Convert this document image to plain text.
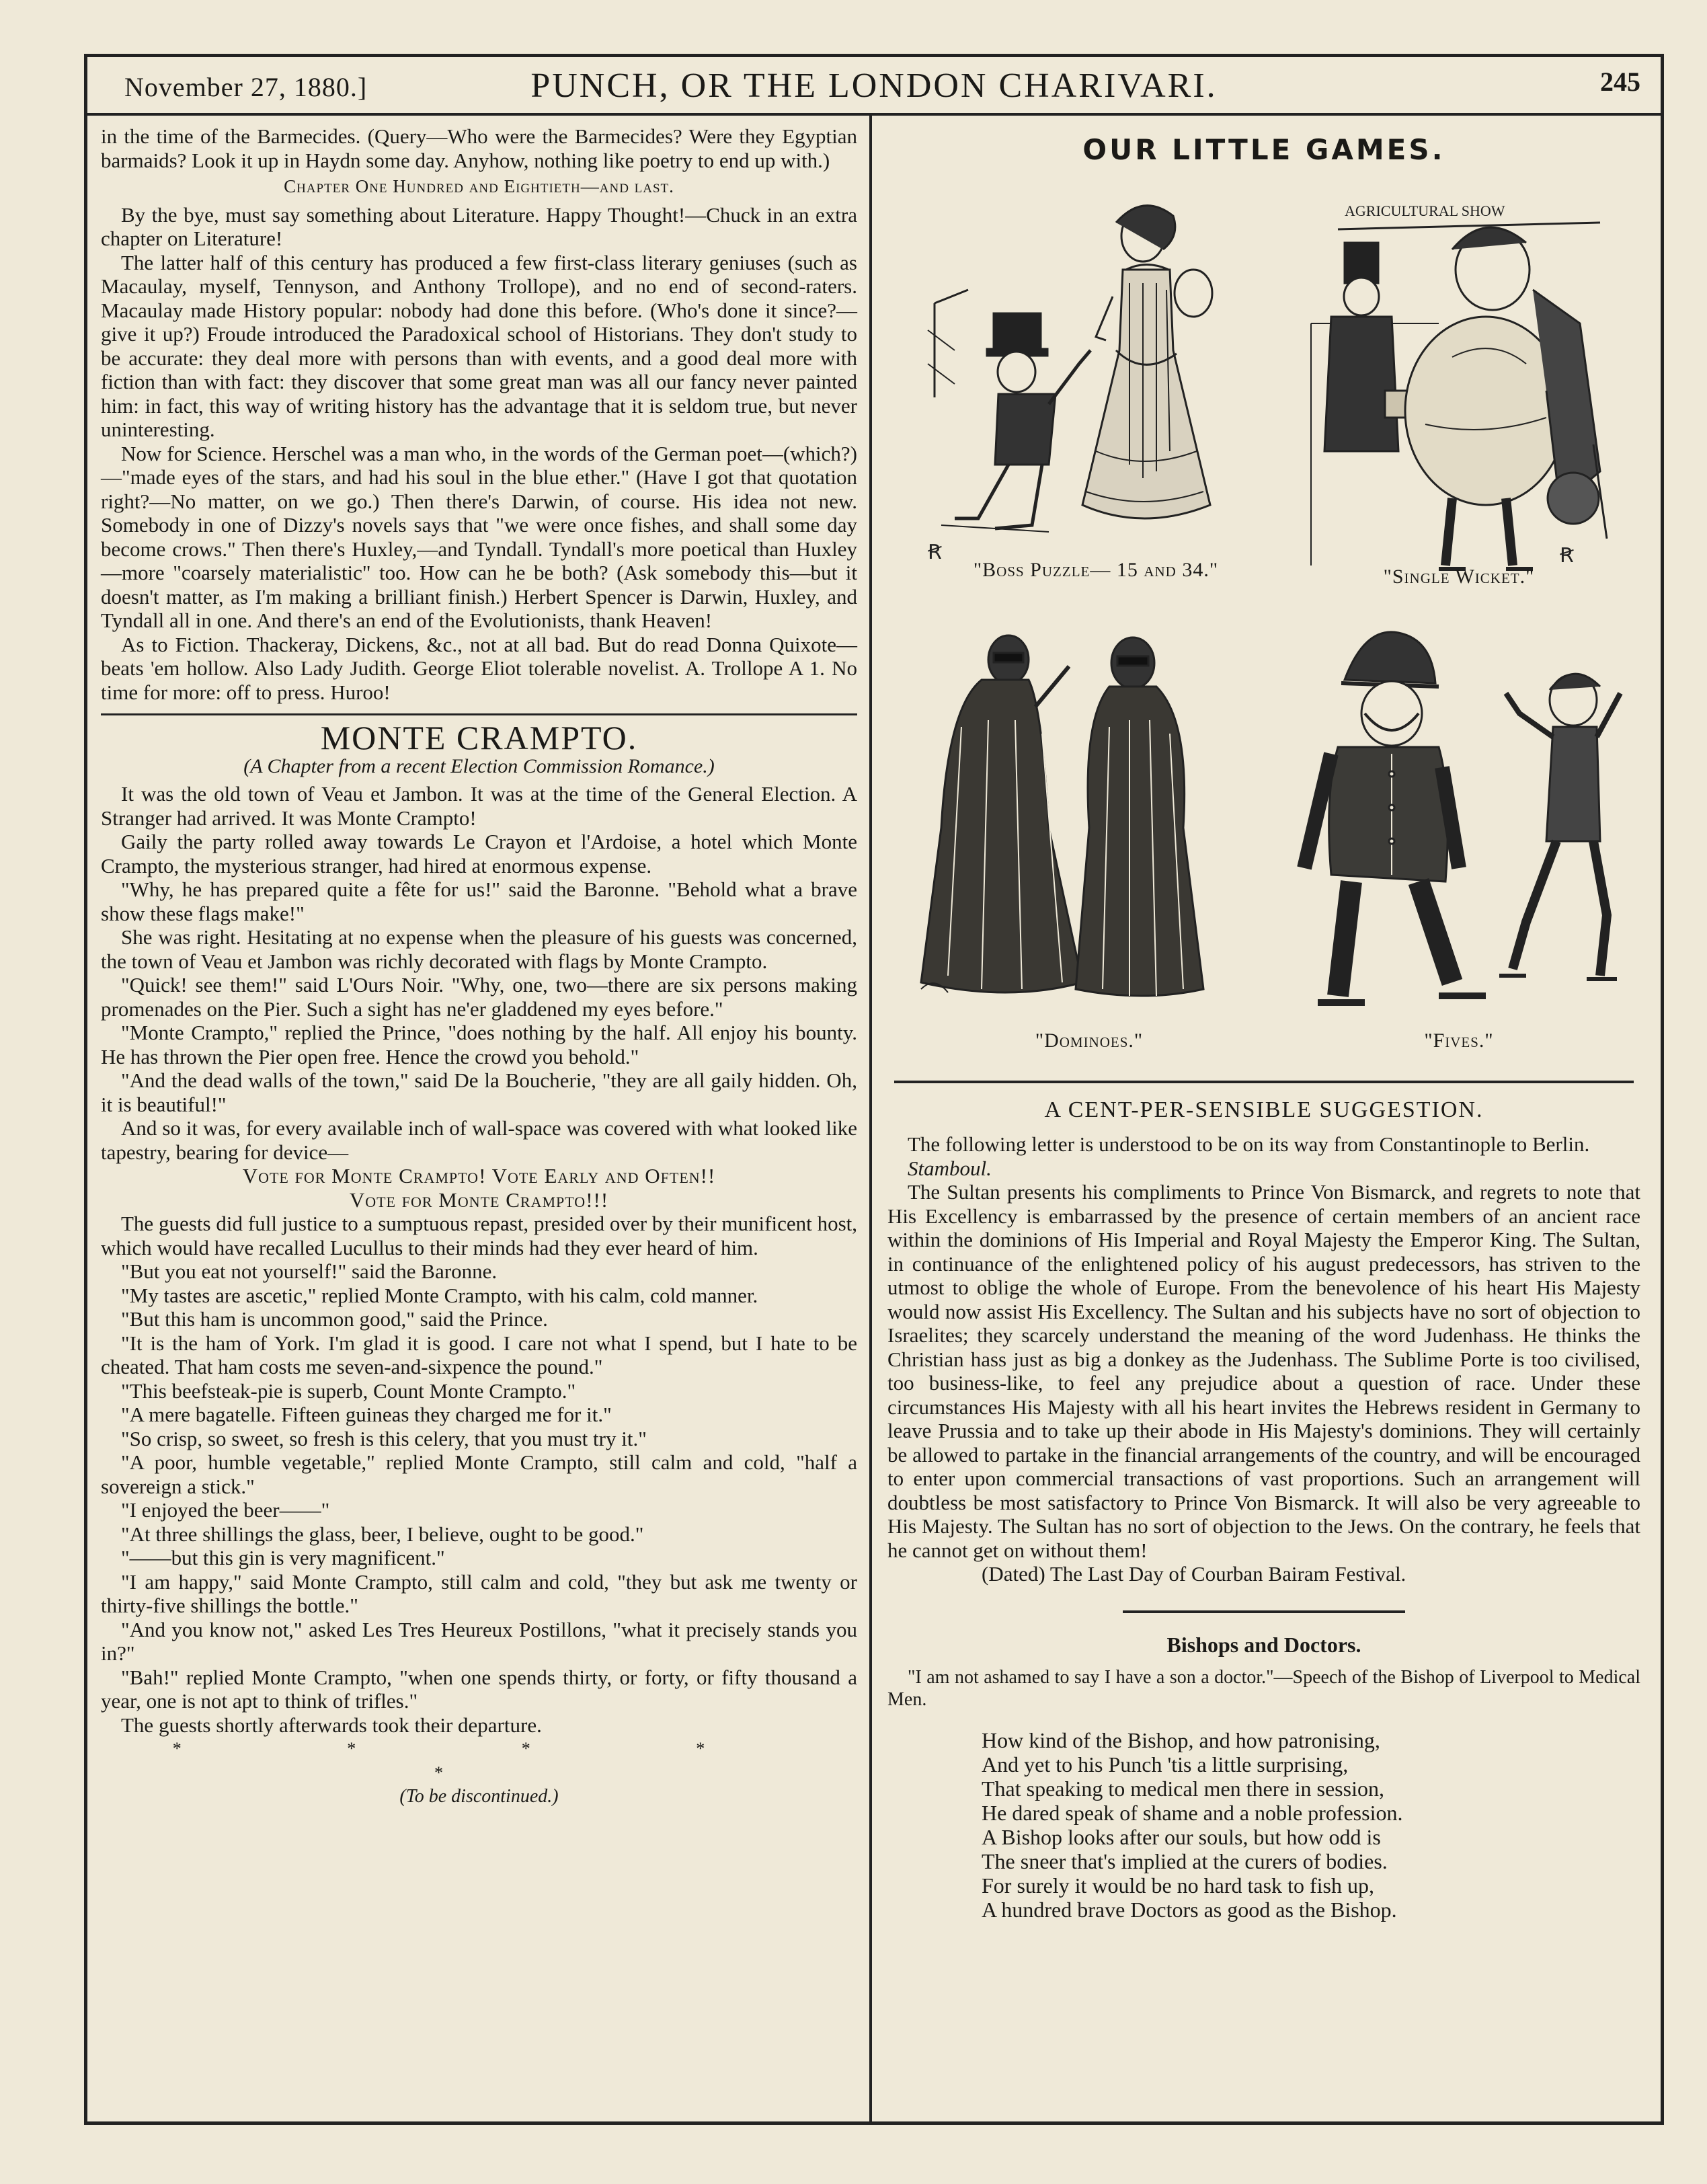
November 27, 1880.]	PUNCH, OR THE LONDON CHARIVARI.	245

in the time of the Barmecides. (Query—Who were the Barmecides? Were they Egyptian barmaids? Look it up in Haydn some day. Anyhow, nothing like poetry to end up with.)

Chapter One Hundred and Eightieth—and last.

By the bye, must say something about Literature. Happy Thought!—Chuck in an extra chapter on Literature!

The latter half of this century has produced a few first-class literary geniuses (such as Macaulay, myself, Tennyson, and Anthony Trollope), and no end of second-raters. Macaulay made History popular: nobody had done this before. (Who's done it since?—give it up?) Froude introduced the Paradoxical school of Historians. They don't study to be accurate: they deal more with persons than with events, and a good deal more with fiction than with fact: they discover that some great man was all our fancy never painted him: in fact, this way of writing history has the advantage that it is seldom true, but never uninteresting.

Now for Science. Herschel was a man who, in the words of the German poet—(which?)—"made eyes of the stars, and had his soul in the blue ether." (Have I got that quotation right?—No matter, on we go.) Then there's Darwin, of course. His idea not new. Somebody in one of Dizzy's novels says that "we were once fishes, and shall some day become crows." Then there's Huxley,—and Tyndall. Tyndall's more poetical than Huxley—more "coarsely materialistic" too. How can he be both? (Ask somebody this—but it doesn't matter, as I'm making a brilliant finish.) Herbert Spencer is Darwin, Huxley, and Tyndall all in one. And there's an end of the Evolutionists, thank Heaven!

As to Fiction. Thackeray, Dickens, &c., not at all bad. But do read Donna Quixote—beats 'em hollow. Also Lady Judith. George Eliot tolerable novelist. A. Trollope A 1. No time for more: off to press. Huroo!

MONTE CRAMPTO.
(A Chapter from a recent Election Commission Romance.)

It was the old town of Veau et Jambon. It was at the time of the General Election. A Stranger had arrived. It was Monte Crampto!

Gaily the party rolled away towards Le Crayon et l'Ardoise, a hotel which Monte Crampto, the mysterious stranger, had hired at enormous expense.

"Why, he has prepared quite a fête for us!" said the Baronne. "Behold what a brave show these flags make!"

She was right. Hesitating at no expense when the pleasure of his guests was concerned, the town of Veau et Jambon was richly decorated with flags by Monte Crampto.

"Quick! see them!" said L'Ours Noir. "Why, one, two—there are six persons making promenades on the Pier. Such a sight has ne'er gladdened my eyes before."

"Monte Crampto," replied the Prince, "does nothing by the half. All enjoy his bounty. He has thrown the Pier open free. Hence the crowd you behold."

"And the dead walls of the town," said De la Boucherie, "they are all gaily hidden. Oh, it is beautiful!"

And so it was, for every available inch of wall-space was covered with what looked like tapestry, bearing for device—

Vote for Monte Crampto! Vote Early and Often!!

Vote for Monte Crampto!!!

The guests did full justice to a sumptuous repast, presided over by their munificent host, which would have recalled Lucullus to their minds had they ever heard of him.

"But you eat not yourself!" said the Baronne.

"My tastes are ascetic," replied Monte Crampto, with his calm, cold manner.

"But this ham is uncommon good," said the Prince.

"It is the ham of York. I'm glad it is good. I care not what I spend, but I hate to be cheated. That ham costs me seven-and-sixpence the pound."

"This beefsteak-pie is superb, Count Monte Crampto."

"A mere bagatelle. Fifteen guineas they charged me for it."

"So crisp, so sweet, so fresh is this celery, that you must try it."

"A poor, humble vegetable," replied Monte Crampto, still calm and cold, "half a sovereign a stick."

"I enjoyed the beer——"

"At three shillings the glass, beer, I believe, ought to be good."

"——but this gin is very magnificent."

"I am happy," said Monte Crampto, still calm and cold, "they but ask me twenty or thirty-five shillings the bottle."

"And you know not," asked Les Tres Heureux Postillons, "what it precisely stands you in?"

"Bah!" replied Monte Crampto, "when one spends thirty, or forty, or fifty thousand a year, one is not apt to think of trifles."

The guests shortly afterwards took their departure.

* * * * *

(To be discontinued.)

OUR LITTLE GAMES.
Ꞧ
"Boss Puzzle— 15 and 34."
AGRICULTURAL SHOW
Ꞧ
"Single Wicket."
"Dominoes."	"Fives."
A CENT-PER-SENSIBLE SUGGESTION.

The following letter is understood to be on its way from Constantinople to Berlin.

Stamboul.

The Sultan presents his compliments to Prince Von Bismarck, and regrets to note that His Excellency is embarrassed by the presence of certain members of an ancient race within the dominions of His Imperial and Royal Majesty the Emperor King. The Sultan, in continuance of the enlightened policy of his august predecessors, has striven to the utmost to oblige the whole of Europe. From the benevolence of his heart His Majesty would now assist His Excellency. The Sultan and his subjects have no sort of objection to Israelites; they scarcely understand the meaning of the word Judenhass. He thinks the Christian hass just as big a donkey as the Judenhass. The Sublime Porte is too civilised, too business-like, to feel any prejudice about a question of race. Under these circumstances His Majesty with all his heart invites the Hebrews resident in Germany to leave Prussia and to take up their abode in His Majesty's dominions. They will certainly be allowed to partake in the financial arrangements of the country, and will be encouraged to enter upon commercial transactions of vast proportions. Such an arrangement will doubtless be most satisfactory to Prince Von Bismarck. It will also be very agreeable to His Majesty. The Sultan has no sort of objection to the Jews. On the contrary, he feels that he cannot get on without them!

(Dated) The Last Day of Courban Bairam Festival.

Bishops and Doctors.

"I am not ashamed to say I have a son a doctor."—Speech of the Bishop of Liverpool to Medical Men.

How kind of the Bishop, and how patronising,
And yet to his Punch 'tis a little surprising,
That speaking to medical men there in session,
He dared speak of shame and a noble profession.
A Bishop looks after our souls, but how odd is
The sneer that's implied at the curers of bodies.
For surely it would be no hard task to fish up,
A hundred brave Doctors as good as the Bishop.
